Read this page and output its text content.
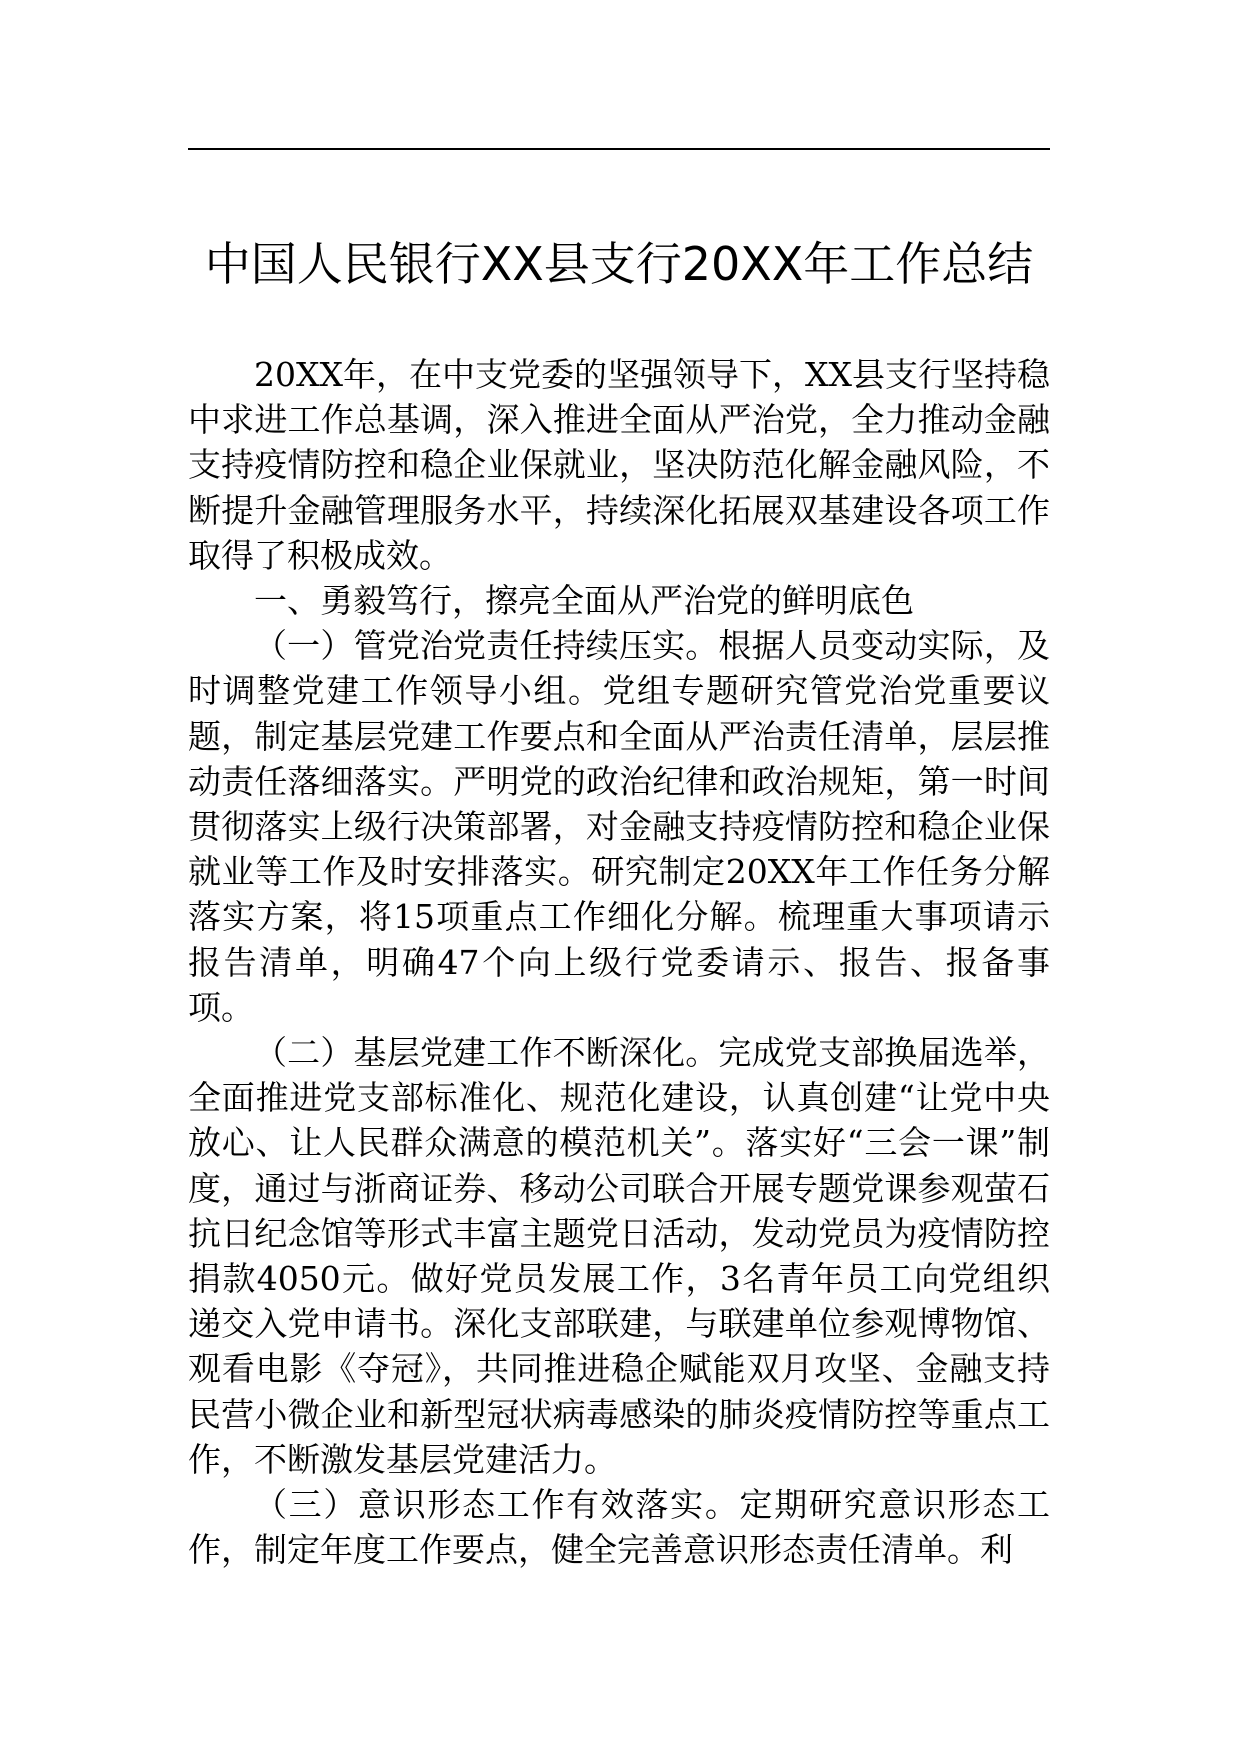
中国人民银行XX县支行20XX年工作总结

20XX年，在中支党委的坚强领导下，XX县支行坚持稳中求进工作总基调，深入推进全面从严治党，全力推动金融支持疫情防控和稳企业保就业，坚决防范化解金融风险，不断提升金融管理服务水平，持续深化拓展双基建设各项工作取得了积极成效。

一、勇毅笃行，擦亮全面从严治党的鲜明底色

（一）管党治党责任持续压实。根据人员变动实际，及时调整党建工作领导小组。党组专题研究管党治党重要议题，制定基层党建工作要点和全面从严治责任清单，层层推动责任落细落实。严明党的政治纪律和政治规矩，第一时间贯彻落实上级行决策部署，对金融支持疫情防控和稳企业保就业等工作及时安排落实。研究制定20XX年工作任务分解落实方案，将15项重点工作细化分解。梳理重大事项请示报告清单，明确47个向上级行党委请示、报告、报备事项。

（二）基层党建工作不断深化。完成党支部换届选举，全面推进党支部标准化、规范化建设，认真创建“让党中央放心、让人民群众满意的模范机关”。落实好“三会一课”制度，通过与浙商证券、移动公司联合开展专题党课参观萤石抗日纪念馆等形式丰富主题党日活动，发动党员为疫情防控捐款4050元。做好党员发展工作，3名青年员工向党组织递交入党申请书。深化支部联建，与联建单位参观博物馆、观看电影《夺冠》，共同推进稳企赋能双月攻坚、金融支持民营小微企业和新型冠状病毒感染的肺炎疫情防控等重点工作，不断激发基层党建活力。

（三）意识形态工作有效落实。定期研究意识形态工作，制定年度工作要点，健全完善意识形态责任清单。利
